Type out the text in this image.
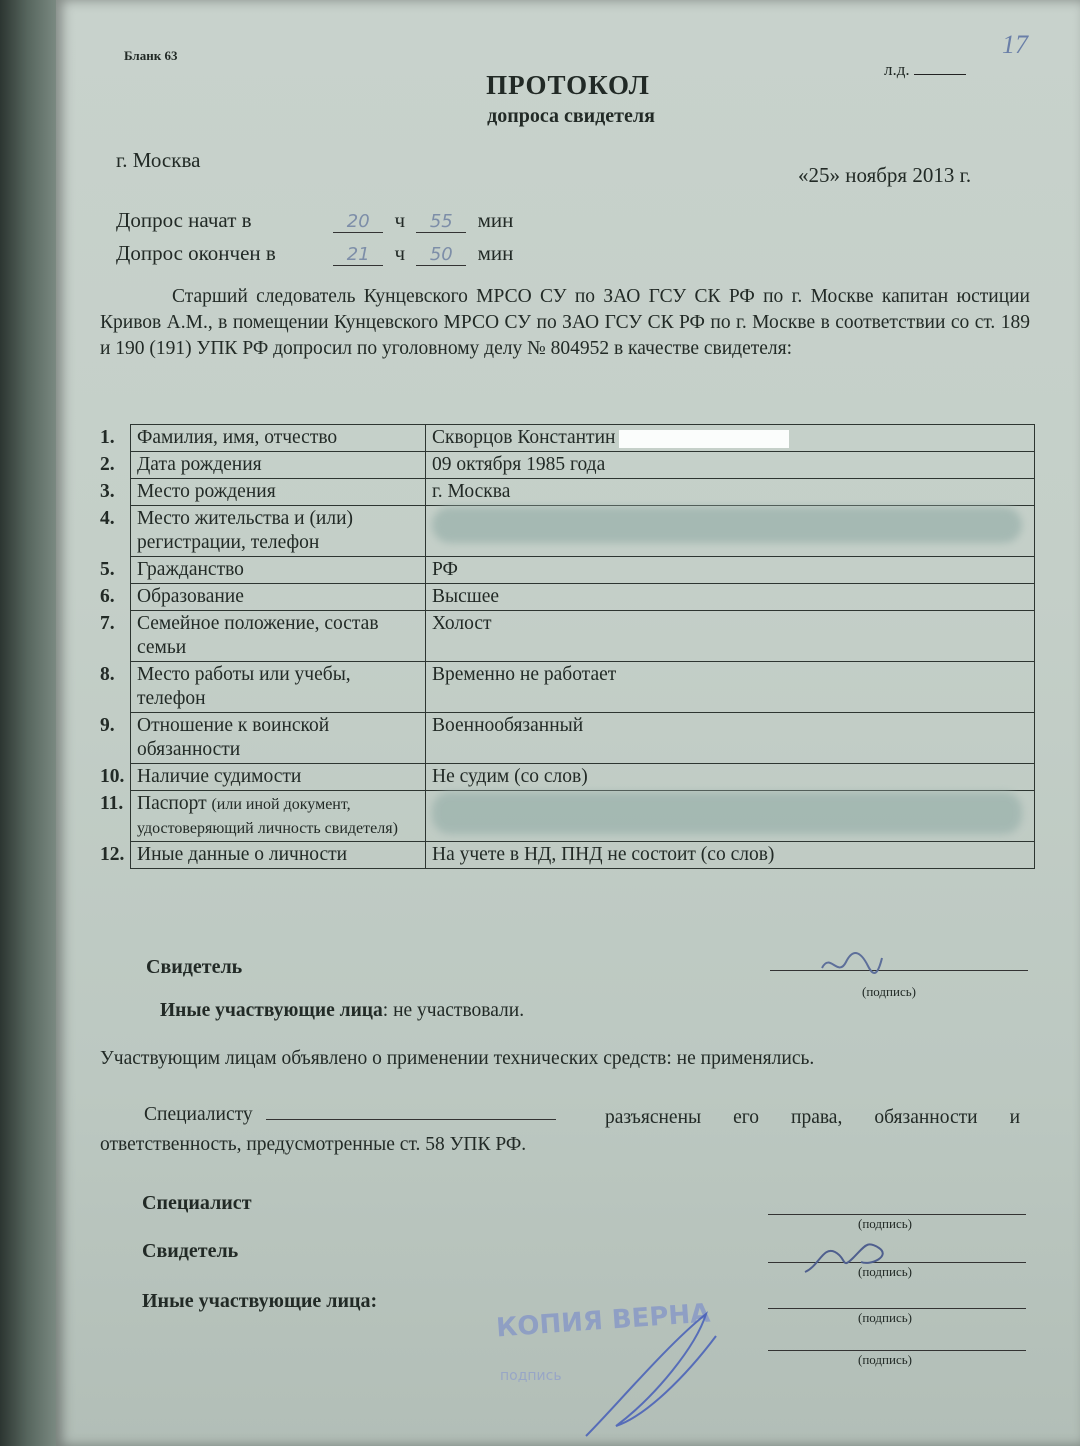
Бланк 63	17
л.д.
ПРОТОКОЛ
допроса свидетеля
г. Москва
«25» ноября 2013 г.
Допрос начат в	20 ч 55 мин
Допрос окончен в	21 ч 50 мин
Старший следователь Кунцевского МРСО СУ по ЗАО ГСУ СК РФ по г. Москве капитан юстиции Кривов А.М., в помещении Кунцевского МРСО СУ по ЗАО ГСУ СК РФ по г. Москве в соответствии со ст. 189 и 190 (191) УПК РФ допросил по уголовному делу № 804952 в качестве свидетеля:
1.	Фамилия, имя, отчество	Скворцов Константин
2.	Дата рождения	09 октября 1985 года
3.	Место рождения	г. Москва
4.	Место жительства и (или) регистрации, телефон	

5.	Гражданство	РФ
6.	Образование	Высшее
7.	Семейное положение, состав семьи	Холост
8.	Место работы или учебы, телефон	Временно не работает
9.	Отношение к воинской обязанности	Военнообязанный
10.	Наличие судимости	Не судим (со слов)
11.	Паспорт (или иной документ, удостоверяющий личность свидетеля)	

12.	Иные данные о личности	На учете в НД, ПНД не состоит (со слов)
Свидетель
(подпись)
Иные участвующие лица: не участвовали.
Участвующим лицам объявлено о применении технических средств: не применялись.
Специалисту	разъяснены его права, обязанности и ответственность, предусмотренные ст. 58 УПК РФ.
Специалист
(подпись)
Свидетель
(подпись)
Иные участвующие лица:
(подпись)
(подпись)
КОПИЯ ВЕРНА
подпись
